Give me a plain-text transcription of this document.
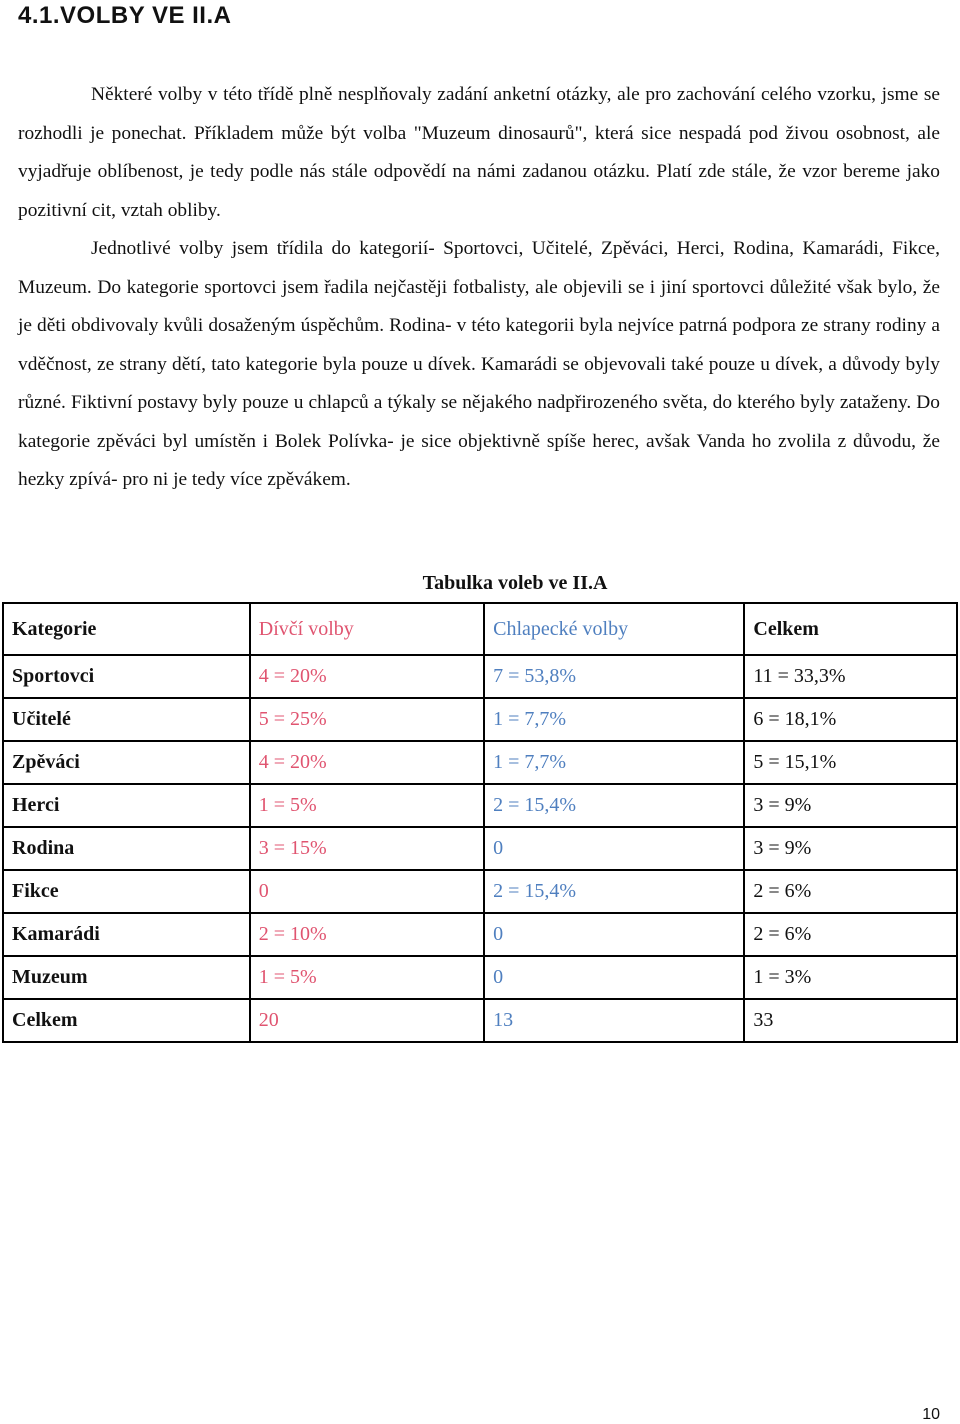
4.1.VOLBY VE II.A

Některé volby v této třídě plně nesplňovaly zadání anketní otázky, ale pro zachování celého vzorku, jsme se rozhodli je ponechat. Příkladem může být volba "Muzeum dinosaurů", která sice nespadá pod živou osobnost, ale vyjadřuje oblíbenost, je tedy podle nás stále odpovědí na námi zadanou otázku. Platí zde stále, že vzor bereme jako pozitivní cit, vztah obliby.

Jednotlivé volby jsem třídila do kategorií- Sportovci, Učitelé, Zpěváci, Herci, Rodina, Kamarádi, Fikce, Muzeum. Do kategorie sportovci jsem řadila nejčastěji fotbalisty, ale objevili se i jiní sportovci důležité však bylo, že je děti obdivovaly kvůli dosaženým úspěchům. Rodina- v této kategorii byla nejvíce patrná podpora ze strany rodiny a vděčnost, ze strany dětí, tato kategorie byla pouze u dívek. Kamarádi se objevovali také pouze u dívek, a důvody byly různé. Fiktivní postavy byly pouze u chlapců a týkaly se nějakého nadpřirozeného světa, do kterého byly zataženy. Do kategorie zpěváci byl umístěn i Bolek Polívka- je sice objektivně spíše herec, avšak Vanda ho zvolila z důvodu, že hezky zpívá- pro ni je tedy více zpěvákem.

Tabulka voleb ve II.A
Kategorie	Dívčí volby	Chlapecké volby	Celkem
Sportovci	4 = 20%	7 = 53,8%	11 = 33,3%
Učitelé	5 = 25%	1 = 7,7%	6 = 18,1%
Zpěváci	4 = 20%	1 = 7,7%	5 = 15,1%
Herci	1 = 5%	2 = 15,4%	3 = 9%
Rodina	3 = 15%	0	3 = 9%
Fikce	0	2 = 15,4%	2 = 6%
Kamarádi	2 = 10%	0	2 = 6%
Muzeum	1 = 5%	0	1 = 3%
Celkem	20	13	33
10
